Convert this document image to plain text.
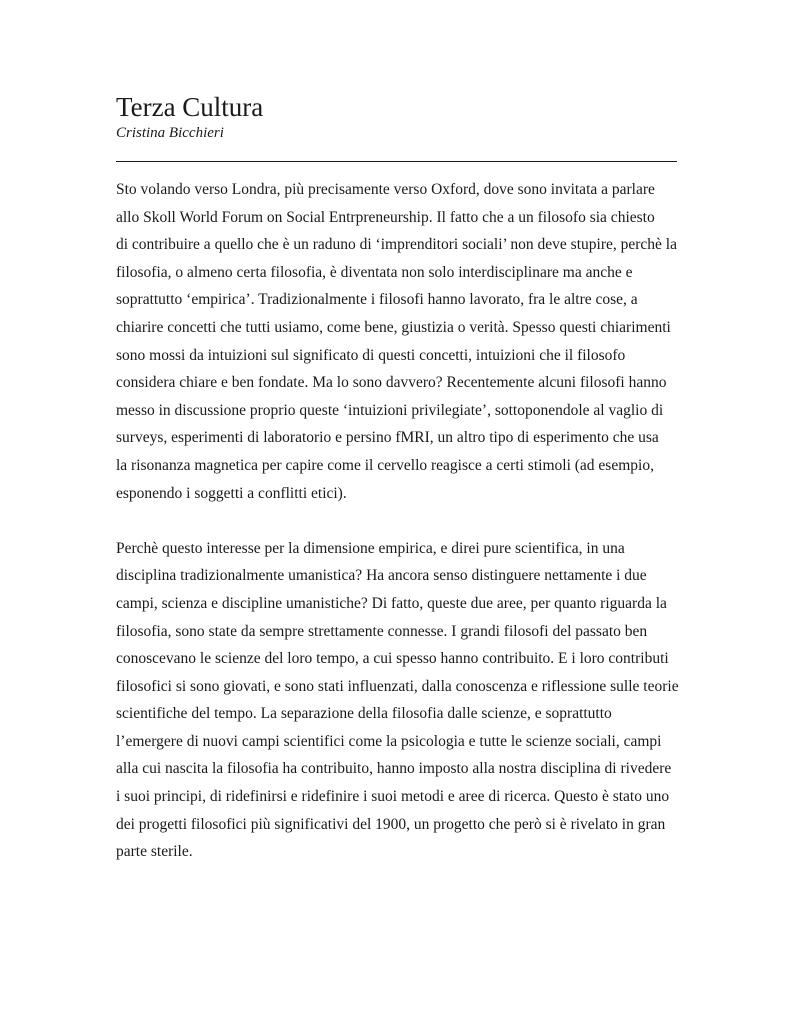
Terza Cultura

Cristina Bicchieri

Sto volando verso Londra, più precisamente verso Oxford, dove sono invitata a parlare
allo Skoll World Forum on Social Entrpreneurship. Il fatto che a un filosofo sia chiesto
di contribuire a quello che è un raduno di ‘imprenditori sociali’ non deve stupire, perchè la
filosofia, o almeno certa filosofia, è diventata non solo interdisciplinare ma anche e
soprattutto ‘empirica’. Tradizionalmente i filosofi hanno lavorato, fra le altre cose, a
chiarire concetti che tutti usiamo, come bene, giustizia o verità. Spesso questi chiarimenti
sono mossi da intuizioni sul significato di questi concetti, intuizioni che il filosofo
considera chiare e ben fondate. Ma lo sono davvero? Recentemente alcuni filosofi hanno
messo in discussione proprio queste ‘intuizioni privilegiate’, sottoponendole al vaglio di
surveys, esperimenti di laboratorio e persino fMRI, un altro tipo di esperimento che usa
la risonanza magnetica per capire come il cervello reagisce a certi stimoli (ad esempio,
esponendo i soggetti a conflitti etici).

Perchè questo interesse per la dimensione empirica, e direi pure scientifica, in una
disciplina tradizionalmente umanistica? Ha ancora senso distinguere nettamente i due
campi, scienza e discipline umanistiche? Di fatto, queste due aree, per quanto riguarda la
filosofia, sono state da sempre strettamente connesse. I grandi filosofi del passato ben
conoscevano le scienze del loro tempo, a cui spesso hanno contribuito. E i loro contributi
filosofici si sono giovati, e sono stati influenzati, dalla conoscenza e riflessione sulle teorie
scientifiche del tempo. La separazione della filosofia dalle scienze, e soprattutto
l’emergere di nuovi campi scientifici come la psicologia e tutte le scienze sociali, campi
alla cui nascita la filosofia ha contribuito, hanno imposto alla nostra disciplina di rivedere
i suoi principi, di ridefinirsi e ridefinire i suoi metodi e aree di ricerca. Questo è stato uno
dei progetti filosofici più significativi del 1900, un progetto che però si è rivelato in gran
parte sterile.
